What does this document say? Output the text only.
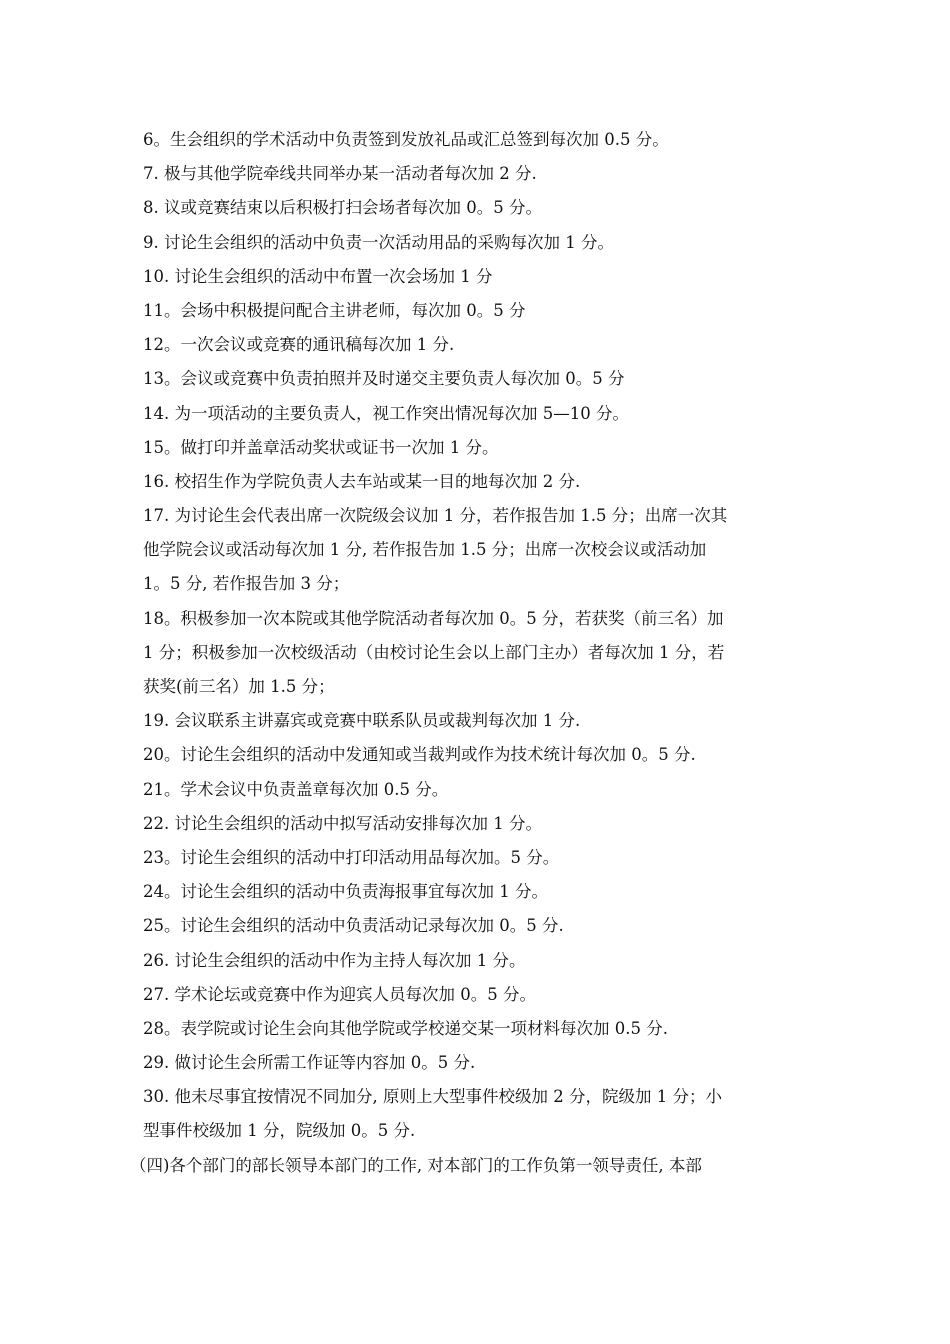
6。生会组织的学术活动中负责签到发放礼品或汇总签到每次加 0.5 分。
7. 极与其他学院牵线共同举办某一活动者每次加 2 分.
8. 议或竞赛结束以后积极打扫会场者每次加 0。5 分。
9. 讨论生会组织的活动中负责一次活动用品的采购每次加 1 分。
10. 讨论生会组织的活动中布置一次会场加 1 分
11。会场中积极提问配合主讲老师，每次加 0。5 分
12。一次会议或竞赛的通讯稿每次加 1 分.
13。会议或竞赛中负责拍照并及时递交主要负责人每次加 0。5 分
14. 为一项活动的主要负责人，视工作突出情况每次加 5—10 分。
15。做打印并盖章活动奖状或证书一次加 1 分。
16. 校招生作为学院负责人去车站或某一目的地每次加 2 分.
17. 为讨论生会代表出席一次院级会议加 1 分，若作报告加 1.5 分；出席一次其
他学院会议或活动每次加 1 分, 若作报告加 1.5 分；出席一次校会议或活动加
1。5 分, 若作报告加 3 分；
18。积极参加一次本院或其他学院活动者每次加 0。5 分，若获奖（前三名）加
1 分；积极参加一次校级活动（由校讨论生会以上部门主办）者每次加 1 分，若
获奖(前三名）加 1.5 分；
19. 会议联系主讲嘉宾或竞赛中联系队员或裁判每次加 1 分.
20。讨论生会组织的活动中发通知或当裁判或作为技术统计每次加 0。5 分.
21。学术会议中负责盖章每次加 0.5 分。
22. 讨论生会组织的活动中拟写活动安排每次加 1 分。
23。讨论生会组织的活动中打印活动用品每次加。5 分。
24。讨论生会组织的活动中负责海报事宜每次加 1 分。
25。讨论生会组织的活动中负责活动记录每次加 0。5 分.
26. 讨论生会组织的活动中作为主持人每次加 1 分。
27. 学术论坛或竞赛中作为迎宾人员每次加 0。5 分。
28。表学院或讨论生会向其他学院或学校递交某一项材料每次加 0.5 分.
29. 做讨论生会所需工作证等内容加 0。5 分.
30. 他未尽事宜按情况不同加分, 原则上大型事件校级加 2 分，院级加 1 分；小
型事件校级加 1 分，院级加 0。5 分.
（四)各个部门的部长领导本部门的工作, 对本部门的工作负第一领导责任, 本部
